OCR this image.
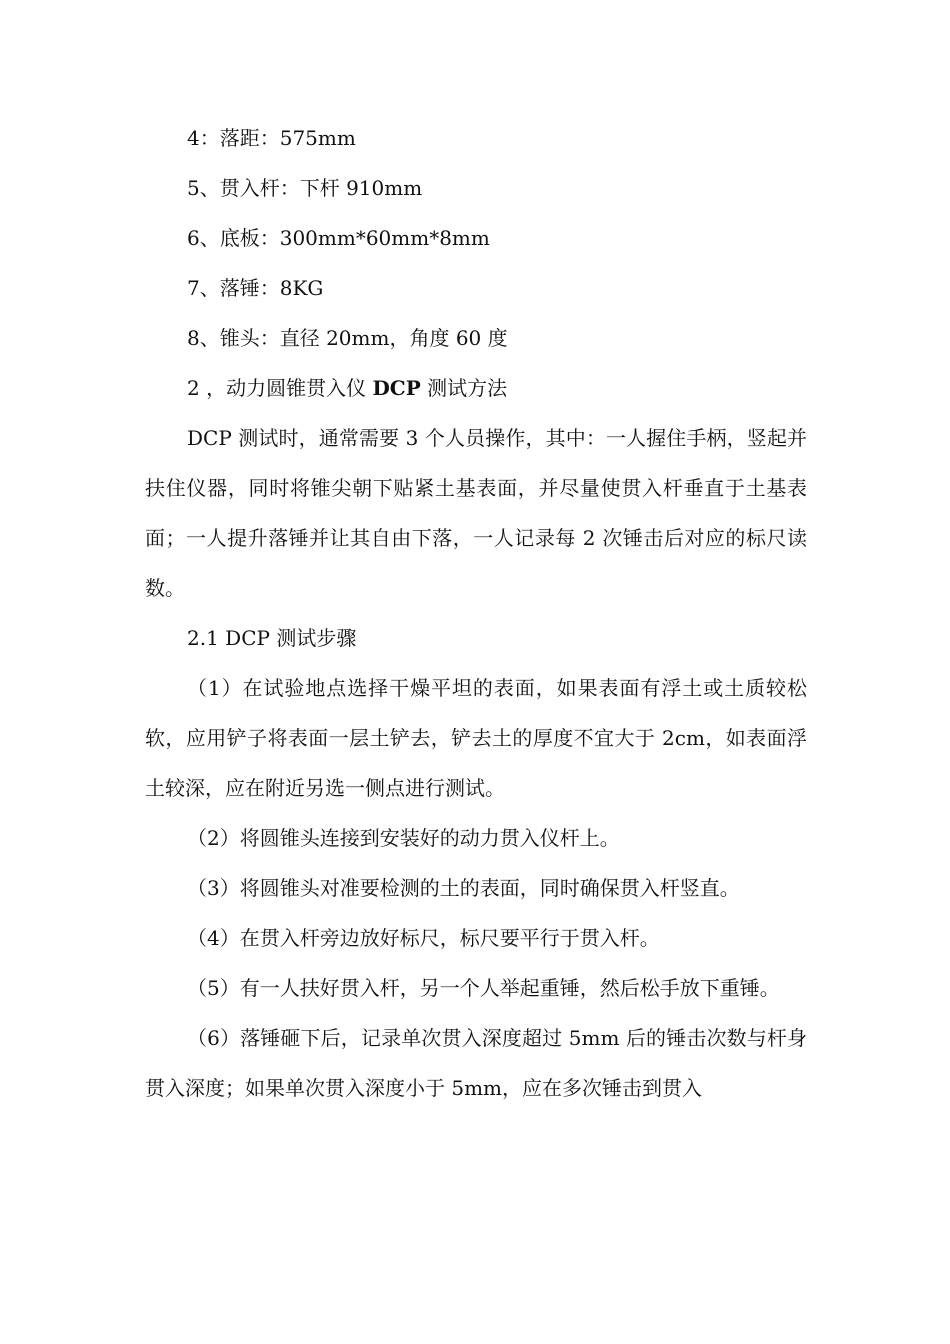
4：落距：575mm
5、贯入杆：下杆 910mm
6、底板：300mm*60mm*8mm
7、落锤：8KG
8、锥头：直径 20mm，角度 60 度
2 ，动力圆锥贯入仪 DCP 测试方法

DCP 测试时，通常需要 3 个人员操作，其中：一人握住手柄，竖起并扶住仪器，同时将锥尖朝下贴紧土基表面，并尽量使贯入杆垂直于土基表面；一人提升落锤并让其自由下落，一人记录每 2 次锤击后对应的标尺读数。

2.1 DCP 测试步骤

（1）在试验地点选择干燥平坦的表面，如果表面有浮土或土质较松软，应用铲子将表面一层土铲去，铲去土的厚度不宜大于 2cm，如表面浮土较深，应在附近另选一侧点进行测试。

（2）将圆锥头连接到安装好的动力贯入仪杆上。

（3）将圆锥头对准要检测的土的表面，同时确保贯入杆竖直。

（4）在贯入杆旁边放好标尺，标尺要平行于贯入杆。

（5）有一人扶好贯入杆，另一个人举起重锤，然后松手放下重锤。

（6）落锤砸下后，记录单次贯入深度超过 5mm 后的锤击次数与杆身贯入深度；如果单次贯入深度小于 5mm，应在多次锤击到贯入
